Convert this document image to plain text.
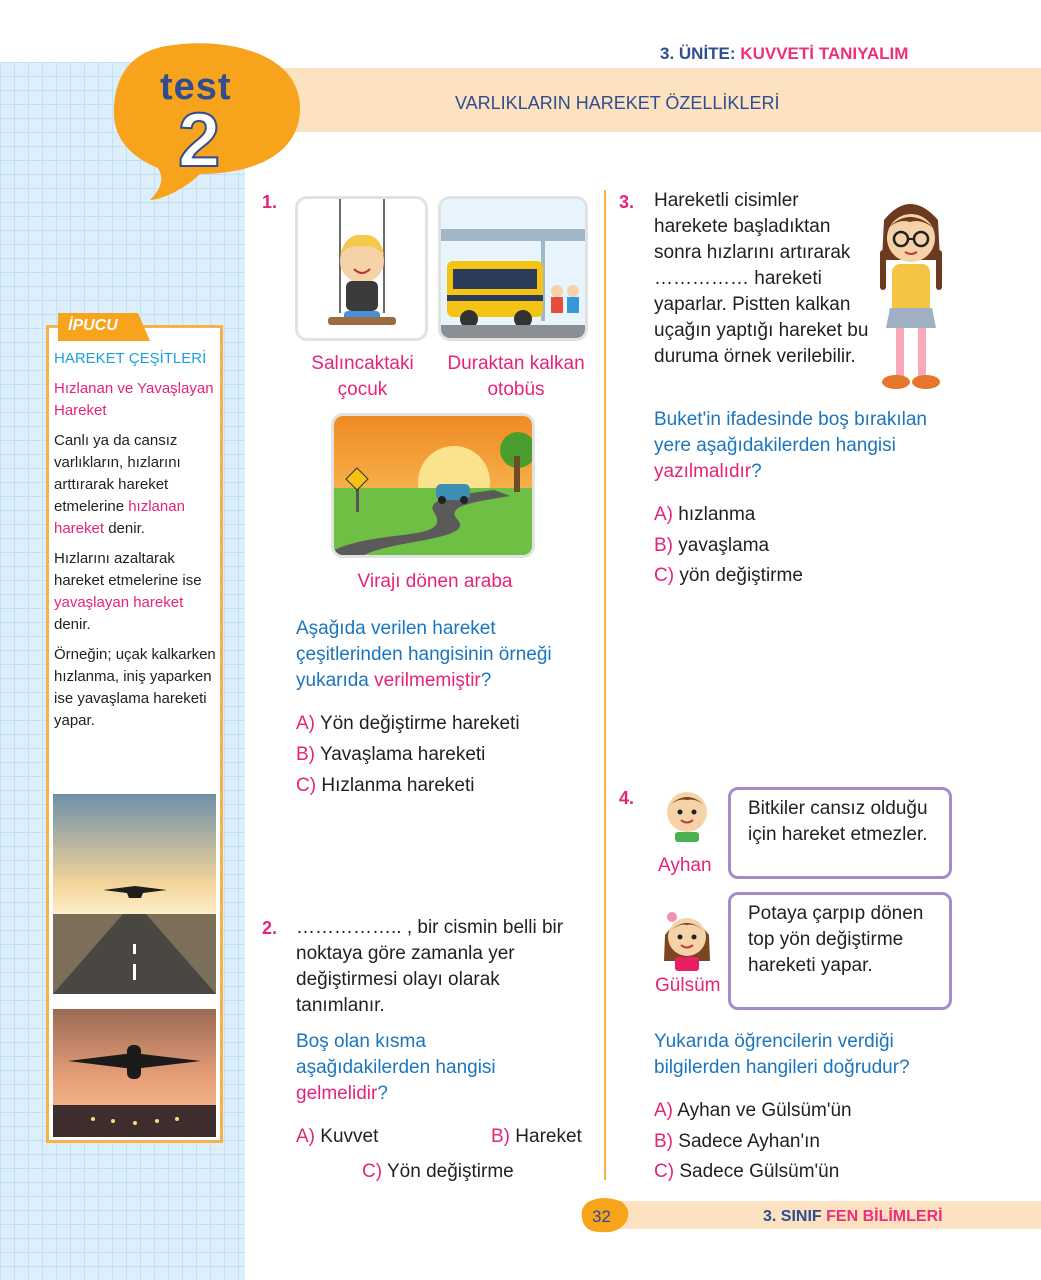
3. ÜNİTE: KUVVETİ TANIYALIM
VARLIKLARIN HAREKET ÖZELLİKLERİ
test
2
İPUCU

HAREKET ÇEŞİTLERİ

Hızlanan ve Yavaşlayan Hareket

Canlı ya da cansız varlıkların, hızlarını arttırarak hareket etmelerine hızlanan hareket denir.

Hızlarını azaltarak hareket etmelerine ise yavaşlayan hareket denir.

Örneğin; uçak kalkarken hızlanma, iniş yaparken ise yavaşlama hareketi yapar.

1.
Salıncaktaki çocuk
Duraktan kalkan otobüs
Virajı dönen araba
Aşağıda verilen hareket çeşitlerinden hangisinin örneği yukarıda verilmemiştir?
A) Yön değiştirme hareketi
B) Yavaşlama hareketi
C) Hızlanma hareketi
2. …………….. , bir cismin belli bir noktaya göre zamanla yer değiştirmesi olayı olarak tanımlanır.
Boş olan kısma aşağıdakilerden hangisi gelmelidir?
A) Kuvvet	B) Hareket
C) Yön değiştirme
3. Hareketli cisimler harekete başladıktan sonra hızlarını artırarak …………… hareketi yaparlar. Pistten kalkan uçağın yaptığı hareket bu duruma örnek verilebilir.
Buket'in ifadesinde boş bırakılan yere aşağıdakilerden hangisi yazılmalıdır?
A) hızlanma
B) yavaşlama
C) yön değiştirme
4.
Ayhan
Bitkiler cansız olduğu için hareket etmezler.
Gülsüm
Potaya çarpıp dönen top yön değiştirme hareketi yapar.
Yukarıda öğrencilerin verdiği bilgilerden hangileri doğrudur?
A) Ayhan ve Gülsüm'ün
B) Sadece Ayhan'ın
C) Sadece Gülsüm'ün
32	3. SINIF FEN BİLİMLERİ
